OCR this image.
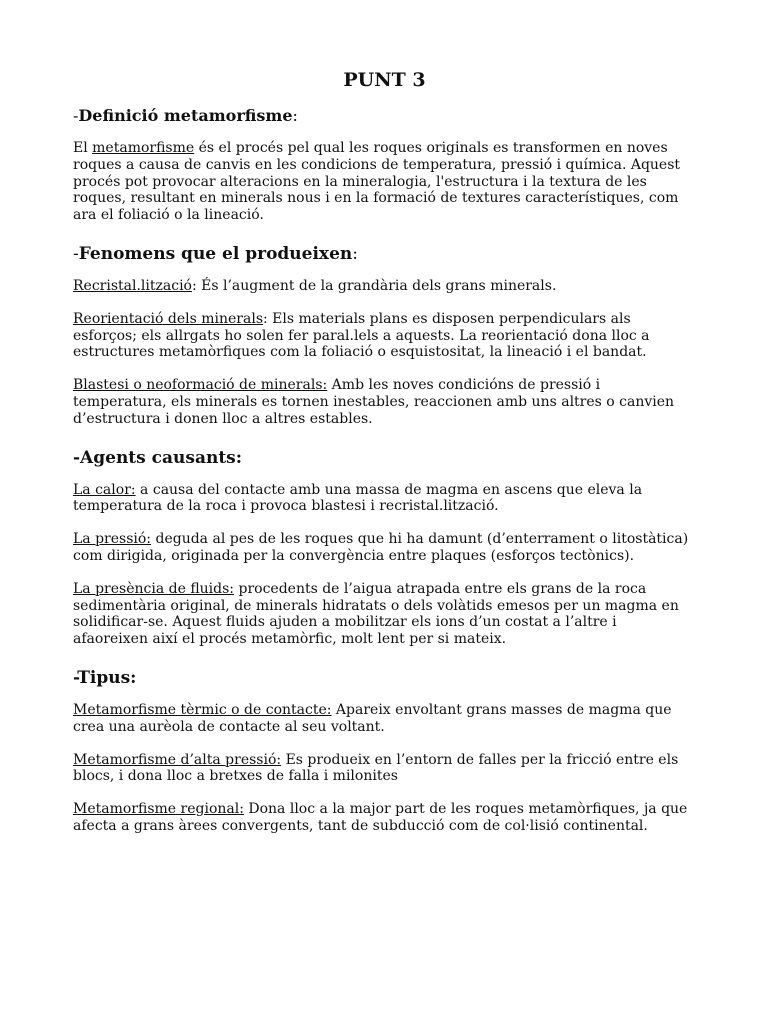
PUNT 3
-Definició metamorfisme:

El metamorfisme és el procés pel qual les roques originals es transformen en noves roques a causa de canvis en les condicions de temperatura, pressió i química. Aquest procés pot provocar alteracions en la mineralogia, l'estructura i la textura de les roques, resultant en minerals nous i en la formació de textures característiques, com ara el foliació o la lineació.

-Fenomens que el produeixen:

Recristal.lització: És l’augment de la grandària dels grans minerals.

Reorientació dels minerals: Els materials plans es disposen perpendiculars als esforços; els allrgats ho solen fer paral.lels a aquests. La reorientació dona lloc a estructures metamòrfiques com la foliació o esquistositat, la lineació i el bandat.

Blastesi o neoformació de minerals: Amb les noves condicións de pressió i temperatura, els minerals es tornen inestables, reaccionen amb uns altres o canvien d’estructura i donen lloc a altres estables.

-Agents causants:

La calor: a causa del contacte amb una massa de magma en ascens que eleva la temperatura de la roca i provoca blastesi i recristal.lització.

La pressió: deguda al pes de les roques que hi ha damunt (d’enterrament o litostàtica) com dirigida, originada per la convergència entre plaques (esforços tectònics).

La presència de fluids: procedents de l’aigua atrapada entre els grans de la roca sedimentària original, de minerals hidratats o dels volàtids emesos per un magma en solidificar-se. Aquest fluids ajuden a mobilitzar els ions d’un costat a l’altre i afaoreixen així el procés metamòrfic, molt lent per si mateix.

-Tipus:

Metamorfisme tèrmic o de contacte: Apareix envoltant grans masses de magma que crea una aurèola de contacte al seu voltant.

Metamorfisme d’alta pressió: Es produeix en l’entorn de falles per la fricció entre els blocs, i dona lloc a bretxes de falla i milonites

Metamorfisme regional: Dona lloc a la major part de les roques metamòrfiques, ja que afecta a grans àrees convergents, tant de subducció com de col·lisió continental.
